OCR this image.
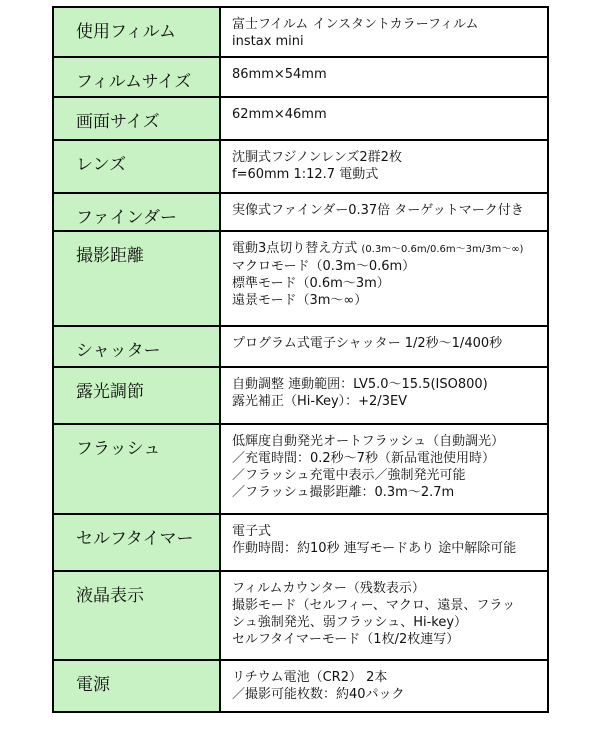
使用フィルム	富士フイルム インスタントカラーフィルム
instax mini

フィルムサイズ	86mm×54mm

画面サイズ	62mm×46mm

レンズ	沈胴式フジノンレンズ2群2枚
f=60mm 1:12.7 電動式

ファインダー	実像式ファインダー0.37倍 ターゲットマーク付き

撮影距離	電動3点切り替え方式 (0.3m～0.6m/0.6m～3m/3m～∞)
マクロモード（0.3m～0.6m）
標準モード（0.6m～3m）
遠景モード（3m～∞）

シャッター	プログラム式電子シャッター 1/2秒～1/400秒

露光調節	自動調整 連動範囲：LV5.0～15.5(ISO800)
露光補正（Hi-Key）：+2/3EV

フラッシュ	低輝度自動発光オートフラッシュ（自動調光）
／充電時間：0.2秒～7秒（新品電池使用時）
／フラッシュ充電中表示／強制発光可能
／フラッシュ撮影距離：0.3m～2.7m

セルフタイマー	電子式
作動時間：約10秒 連写モードあり 途中解除可能

液晶表示	フィルムカウンター（残数表示）
撮影モード（セルフィー、マクロ、遠景、フラッ
シュ強制発光、弱フラッシュ、Hi-key）
セルフタイマーモード（1枚/2枚連写）

電源	リチウム電池（CR2） 2本
／撮影可能枚数：約40パック
